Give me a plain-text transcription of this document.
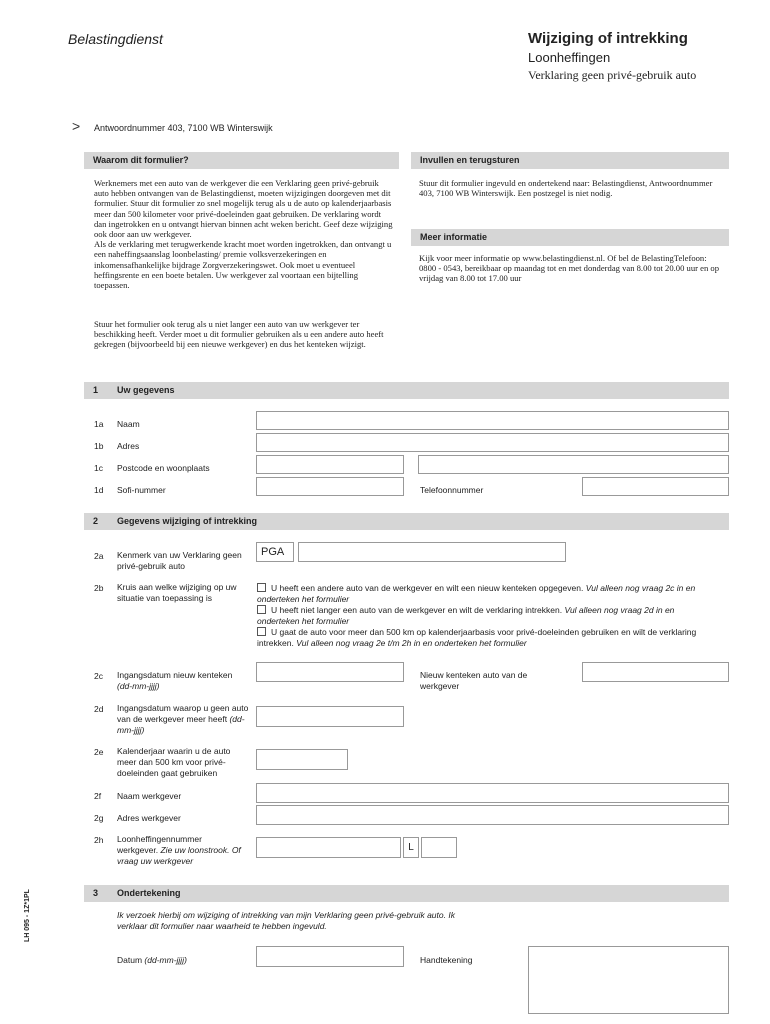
Belastingdienst	Wijziging of intrekking
Loonheffingen
Verklaring geen privé-gebruik auto
> Antwoordnummer 403, 7100 WB Winterswijk
Waarom dit formulier?	Invullen en terugsturen
Werknemers met een auto van de werkgever die een Verklaring geen privé-gebruik auto hebben ontvangen van de Belastingdienst, moeten wijzigingen doorgeven met dit formulier. Stuur dit formulier zo snel mogelijk terug als u de auto op kalenderjaarbasis meer dan 500 kilometer voor privé-doeleinden gaat gebruiken. De verklaring wordt dan ingetrokken en u ontvangt hiervan binnen acht weken bericht. Geef deze wijziging ook door aan uw werkgever.
Als de verklaring met terugwerkende kracht moet worden ingetrokken, dan ontvangt u een naheffingsaanslag loonbelasting/ premie volksverzekeringen en inkomensafhankelijke bijdrage Zorgverzekeringswet. Ook moet u eventueel heffingsrente en een boete betalen. Uw werkgever zal voortaan een bijtelling toepassen.
Stuur het formulier ook terug als u niet langer een auto van uw werkgever ter beschikking heeft. Verder moet u dit formulier gebruiken als u een andere auto heeft gekregen (bijvoorbeeld bij een nieuwe werkgever) en dus het kenteken wijzigt.
Stuur dit formulier ingevuld en ondertekend naar: Belastingdienst, Antwoordnummer 403, 7100 WB Winterswijk. Een postzegel is niet nodig.
Meer informatie
Kijk voor meer informatie op www.belastingdienst.nl. Of bel de BelastingTelefoon: 0800 - 0543, bereikbaar op maandag tot en met donderdag van 8.00 tot 20.00 uur en op vrijdag van 8.00 tot 17.00 uur
1 Uw gegevens
1a Naam
1b Adres
1c Postcode en woonplaats
1d Sofi-nummer	Telefoonnummer
2 Gegevens wijziging of intrekking
2a Kenmerk van uw Verklaring geen privé-gebruik auto
PGA
2b Kruis aan welke wijziging op uw situatie van toepassing is
U heeft een andere auto van de werkgever en wilt een nieuw kenteken opgegeven. Vul alleen nog vraag 2c in en onderteken het formulier
U heeft niet langer een auto van de werkgever en wilt de verklaring intrekken. Vul alleen nog vraag 2d in en onderteken het formulier
U gaat de auto voor meer dan 500 km op kalenderjaarbasis voor privé-doeleinden gebruiken en wilt de verklaring intrekken. Vul alleen nog vraag 2e t/m 2h in en onderteken het formulier
2c Ingangsdatum nieuw kenteken (dd-mm-jjjj)
Nieuw kenteken auto van de werkgever
2d Ingangsdatum waarop u geen auto van de werkgever meer heeft (dd-mm-jjjj)
2e Kalenderjaar waarin u de auto meer dan 500 km voor privé-doeleinden gaat gebruiken
2f Naam werkgever
2g Adres werkgever
2h Loonheffingennummer werkgever. Zie uw loonstrook. Of vraag uw werkgever
L
3 Ondertekening
Ik verzoek hierbij om wijziging of intrekking van mijn Verklaring geen privé-gebruik auto. Ik verklaar dit formulier naar waarheid te hebben ingevuld.
Datum (dd-mm-jjjj)	Handtekening
LH 095 - 1Z*1PL
